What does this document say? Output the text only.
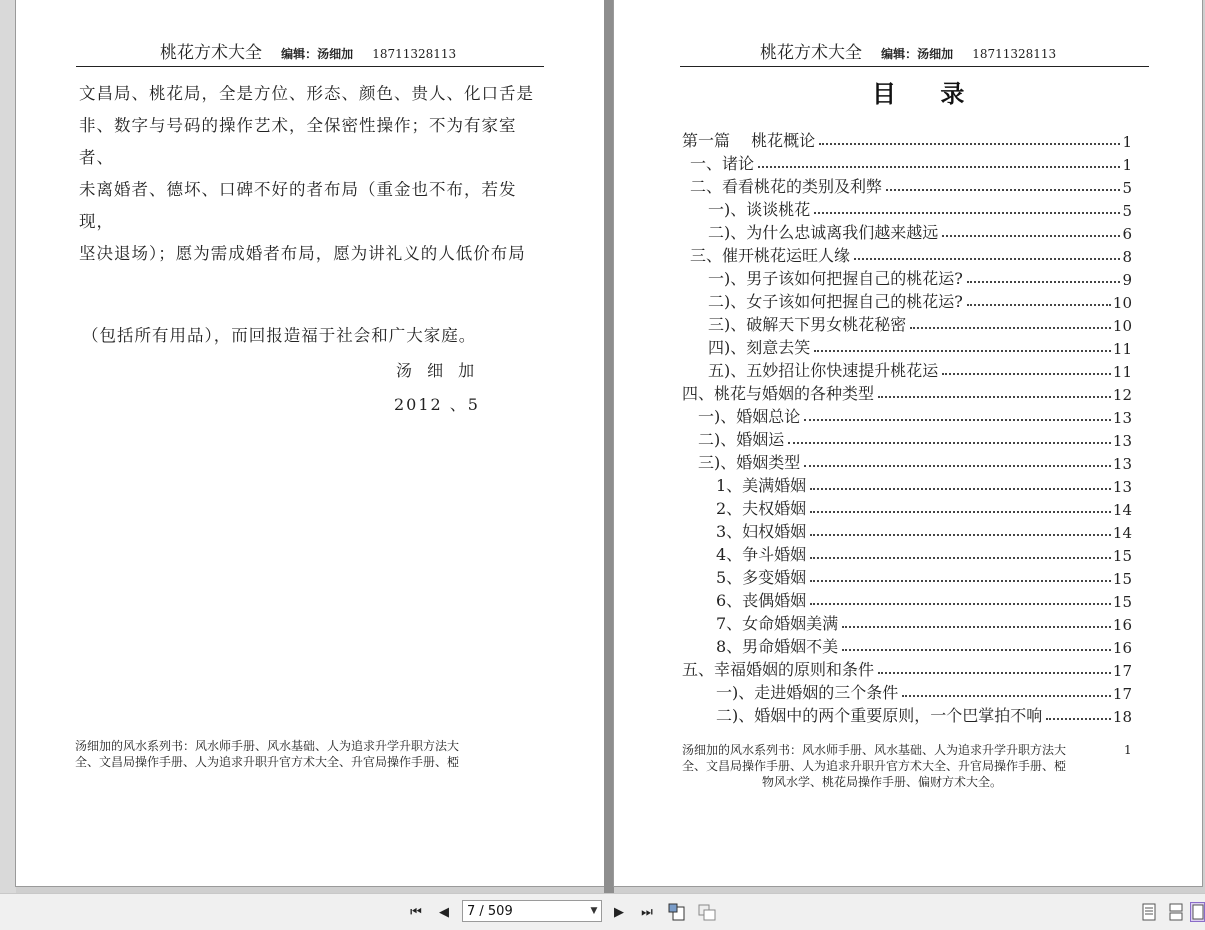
桃花方术大全 编辑：汤细加 18711328113
文昌局、桃花局，全是方位、形态、颜色、贵人、化口舌是
非、数字与号码的操作艺术，全保密性操作；不为有家室者、
未离婚者、德坏、口碑不好的者布局（重金也不布，若发现，
坚决退场）；愿为需成婚者布局，愿为讲礼义的人低价布局
（包括所有用品），而回报造福于社会和广大家庭。
汤 细 加
2012 、5
汤细加的风水系列书：风水师手册、风水基础、人为追求升学升职方法大
全、文昌局操作手册、人为追求升职升官方术大全、升官局操作手册、椏
桃花方术大全 编辑：汤细加 18711328113
目 录
第一篇　 桃花概论	1
一、诸论	1
二、看看桃花的类别及利弊	5
一)、谈谈桃花	5
二)、为什么忠诚离我们越来越远	6
三、催开桃花运旺人缘	8
一)、男子该如何把握自己的桃花运?	9
二)、女子该如何把握自己的桃花运?	10
三)、破解天下男女桃花秘密	10
四)、刻意去笑	11
五)、五妙招让你快速提升桃花运	11
四、桃花与婚姻的各种类型	12
一)、婚姻总论	13
二)、婚姻运	13
三)、婚姻类型	13
1、美满婚姻	13
2、夫权婚姻	14
3、妇权婚姻	14
4、争斗婚姻	15
5、多变婚姻	15
6、丧偶婚姻	15
7、女命婚姻美满	16
8、男命婚姻不美	16
五、幸福婚姻的原则和条件	17
一)、走进婚姻的三个条件	17
二)、婚姻中的两个重要原则，一个巴掌拍不响	18
汤细加的风水系列书：风水师手册、风水基础、人为追求升学升职方法大
全、文昌局操作手册、人为追求升职升官方术大全、升官局操作手册、椏
物风水学、桃花局操作手册、偏财方术大全。
1
⏮	◀	7 / 509	▼	▶	⏭
